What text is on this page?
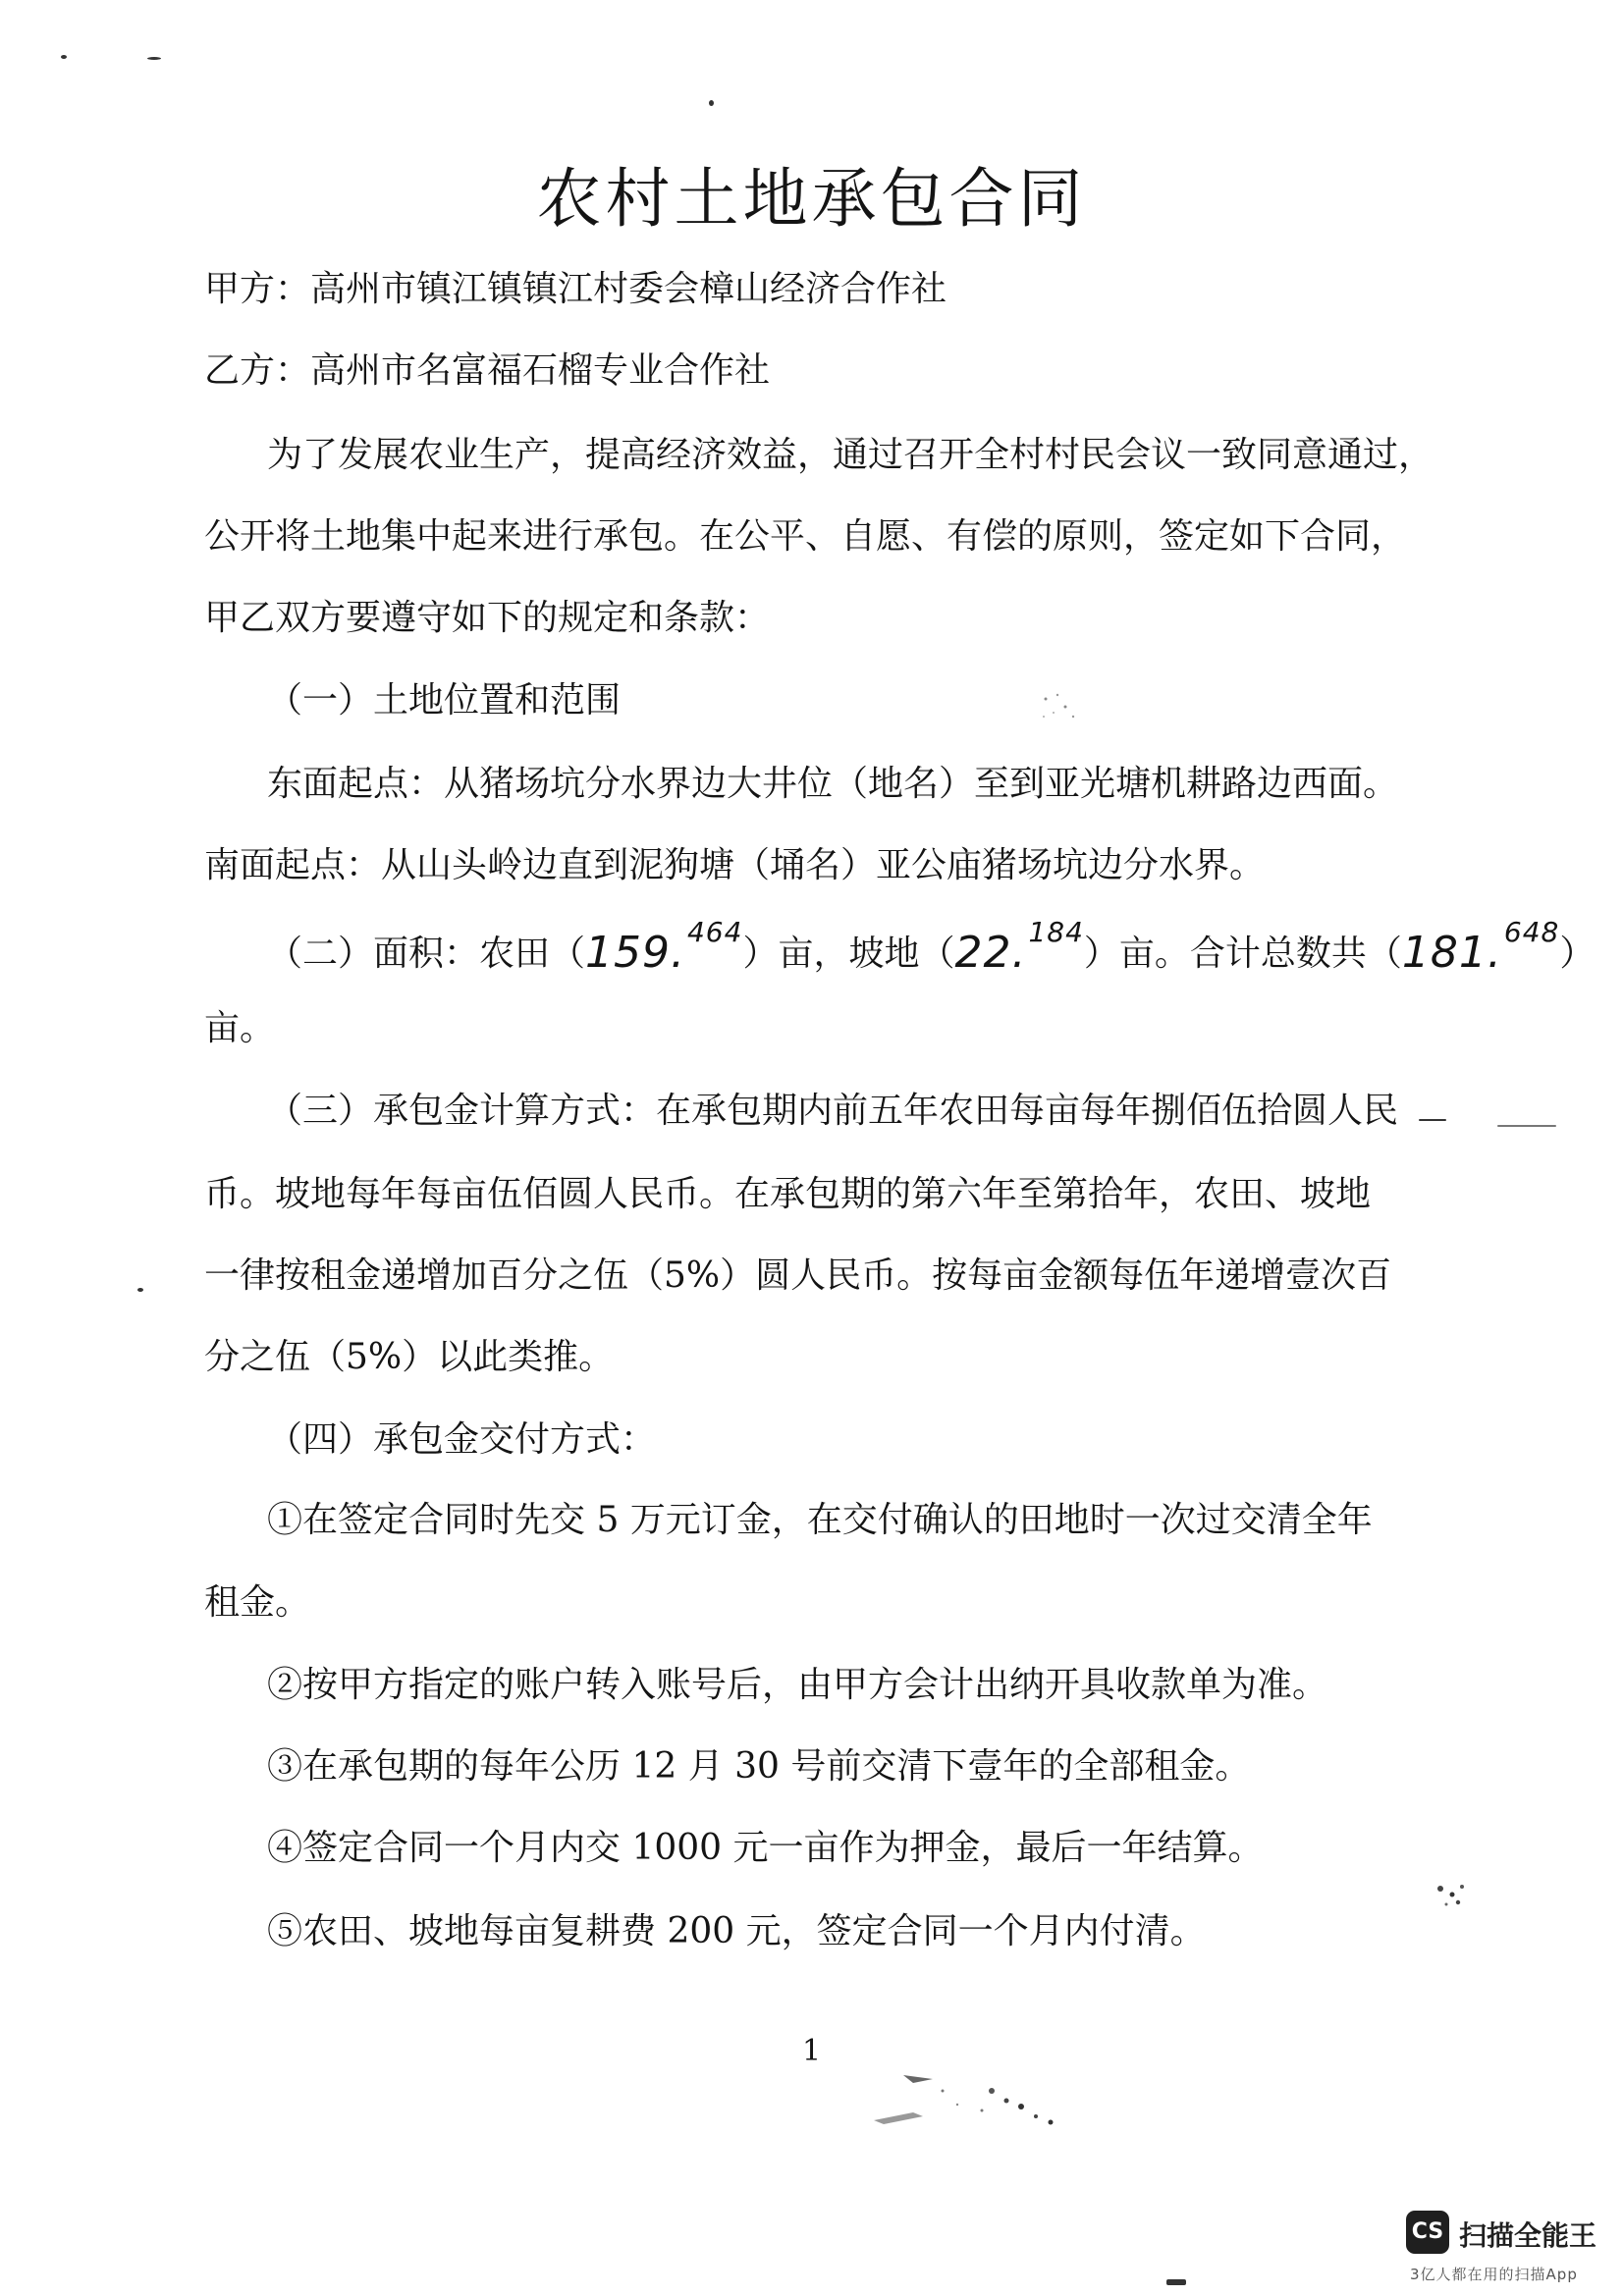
农村土地承包合同
甲方：高州市镇江镇镇江村委会樟山经济合作社
乙方：高州市名富福石榴专业合作社
为了发展农业生产，提高经济效益，通过召开全村村民会议一致同意通过，
公开将土地集中起来进行承包。在公平、自愿、有偿的原则，签定如下合同，
甲乙双方要遵守如下的规定和条款：
（一）土地位置和范围
东面起点：从猪场坑分水界边大井位（地名）至到亚光塘机耕路边西面。
南面起点：从山头岭边直到泥狗塘（埇名）亚公庙猪场坑边分水界。
（二）面积：农田（159.$^{464}$）亩，坡地（22.$^{184}$）亩。合计总数共（181.$^{648}$）
亩。
（三）承包金计算方式：在承包期内前五年农田每亩每年捌佰伍拾圆人民
币。坡地每年每亩伍佰圆人民币。在承包期的第六年至第拾年，农田、坡地
一律按租金递增加百分之伍（5%）圆人民币。按每亩金额每伍年递增壹次百
分之伍（5%）以此类推。
（四）承包金交付方式：
①在签定合同时先交 5 万元订金，在交付确认的田地时一次过交清全年
租金。
②按甲方指定的账户转入账号后，由甲方会计出纳开具收款单为准。
③在承包期的每年公历 12 月 30 号前交清下壹年的全部租金。
④签定合同一个月内交 1000 元一亩作为押金，最后一年结算。
⑤农田、坡地每亩复耕费 200 元，签定合同一个月内付清。
1
CS 扫描全能王
3亿人都在用的扫描App
